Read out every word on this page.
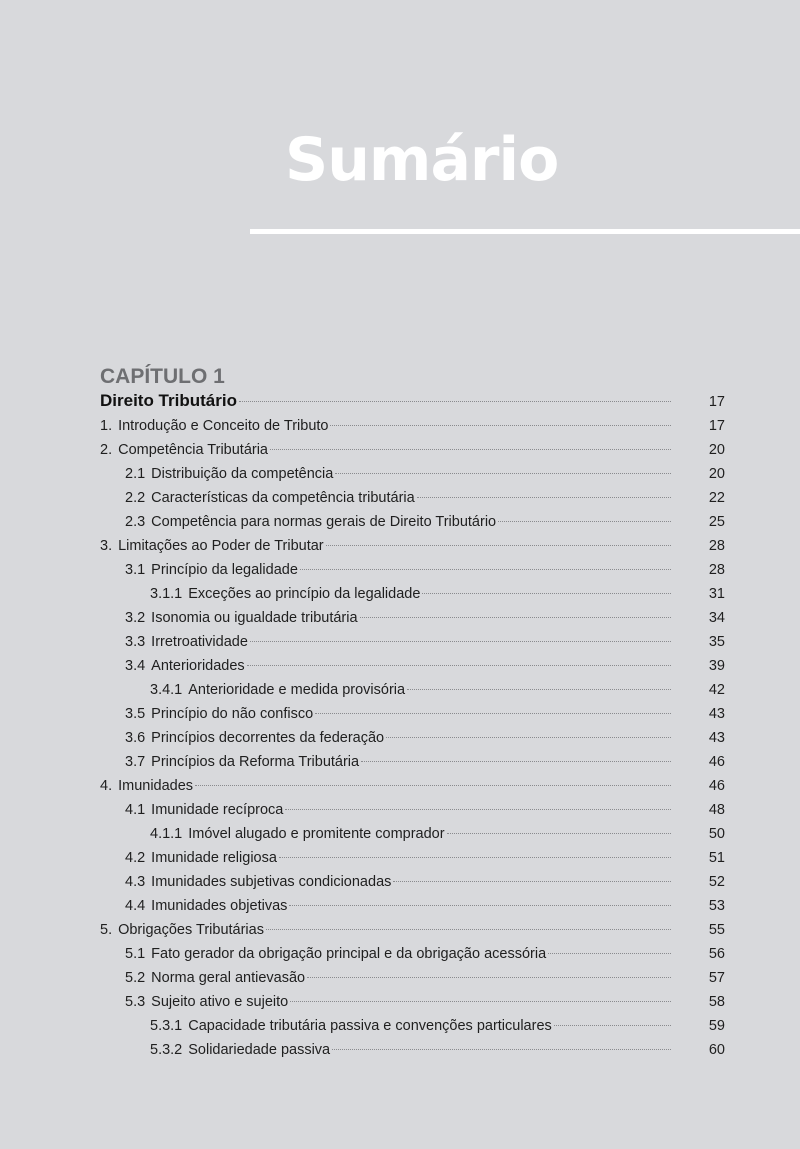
Sumário
CAPÍTULO 1
Direito Tributário	17
1. Introdução e Conceito de Tributo	17
2. Competência Tributária	20
2.1 Distribuição da competência	20
2.2 Características da competência tributária	22
2.3 Competência para normas gerais de Direito Tributário	25
3. Limitações ao Poder de Tributar	28
3.1 Princípio da legalidade	28
3.1.1 Exceções ao princípio da legalidade	31
3.2 Isonomia ou igualdade tributária	34
3.3 Irretroatividade	35
3.4 Anterioridades	39
3.4.1 Anterioridade e medida provisória	42
3.5 Princípio do não confisco	43
3.6 Princípios decorrentes da federação	43
3.7 Princípios da Reforma Tributária	46
4. Imunidades	46
4.1 Imunidade recíproca	48
4.1.1 Imóvel alugado e promitente comprador	50
4.2 Imunidade religiosa	51
4.3 Imunidades subjetivas condicionadas	52
4.4 Imunidades objetivas	53
5. Obrigações Tributárias	55
5.1 Fato gerador da obrigação principal e da obrigação acessória	56
5.2 Norma geral antievasão	57
5.3 Sujeito ativo e sujeito	58
5.3.1 Capacidade tributária passiva e convenções particulares	59
5.3.2 Solidariedade passiva	60
